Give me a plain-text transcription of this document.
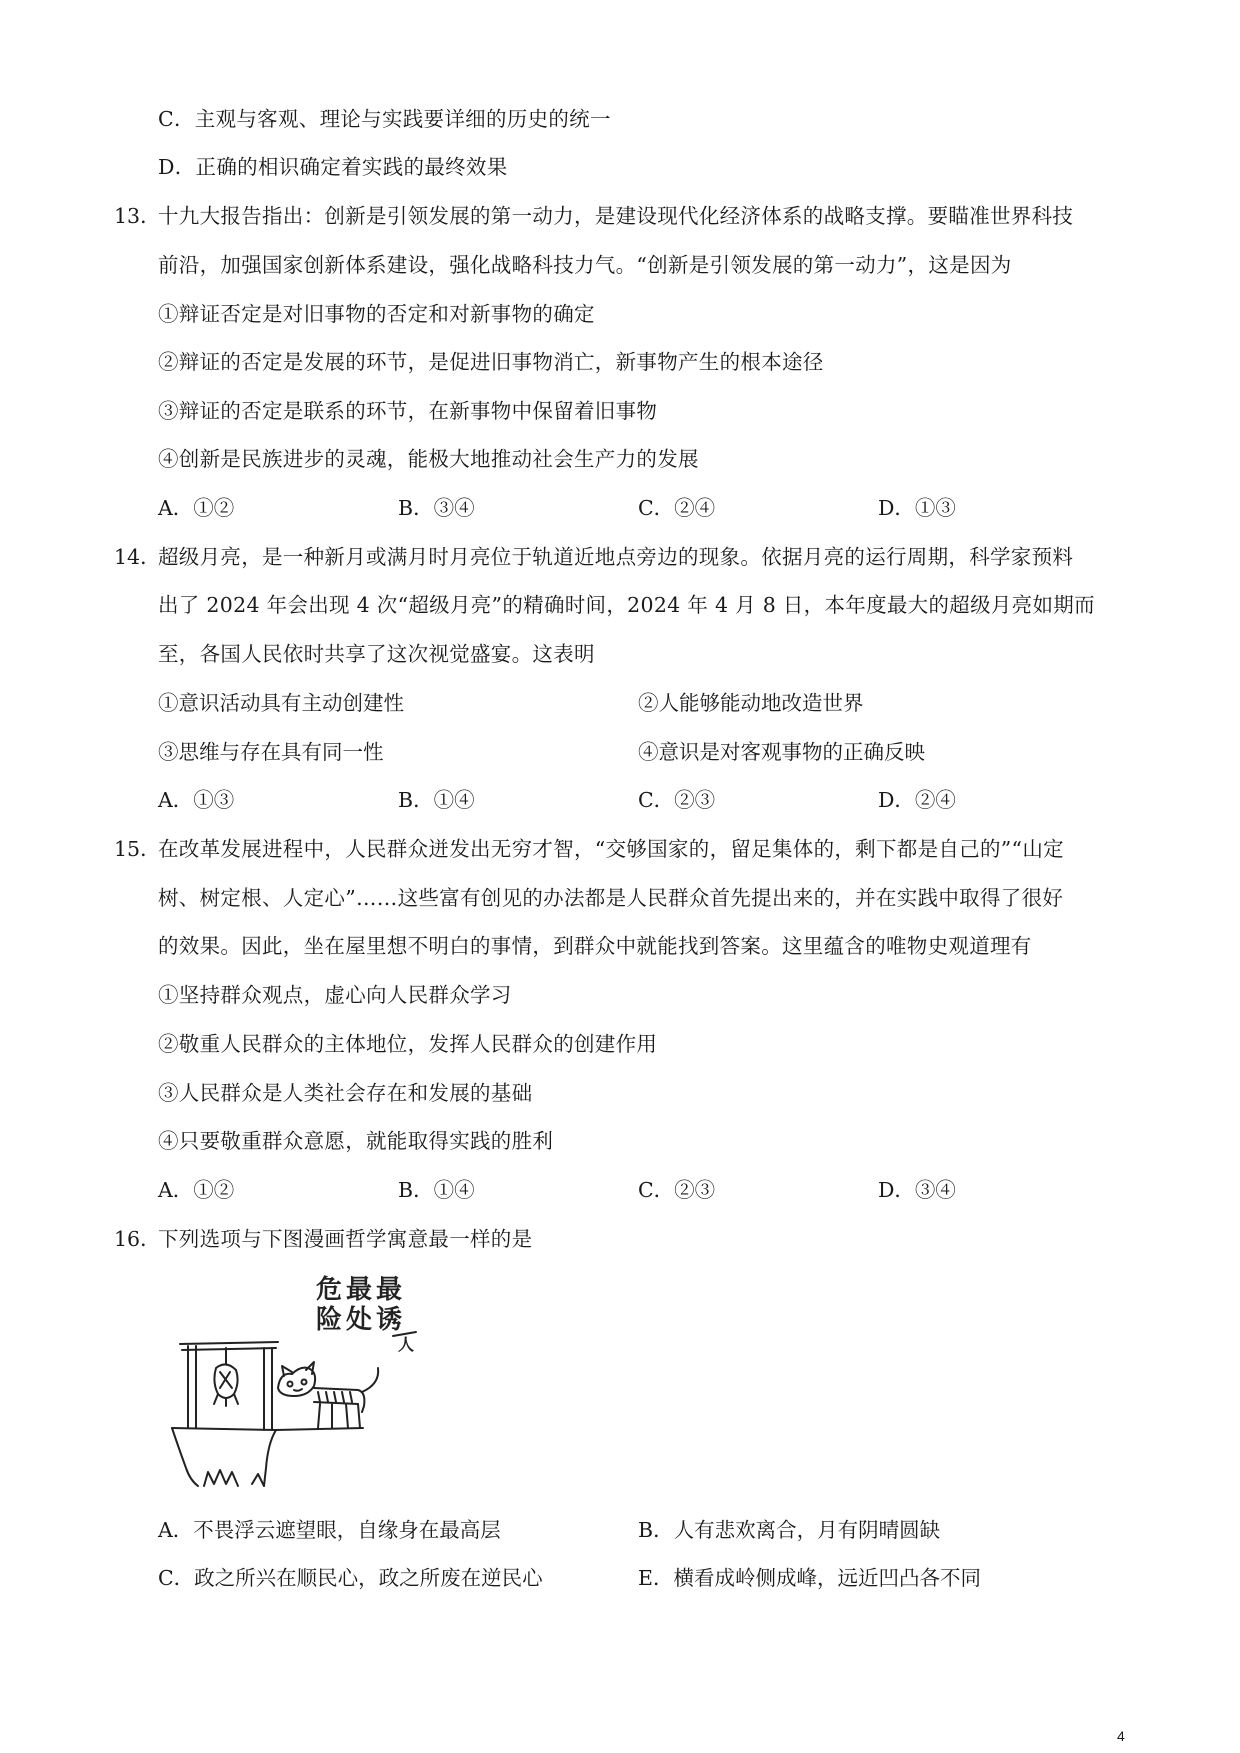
C．主观与客观、理论与实践要详细的历史的统一
D．正确的相识确定着实践的最终效果
13．
十九大报告指出：创新是引领发展的第一动力，是建设现代化经济体系的战略支撑。要瞄准世界科技
前沿，加强国家创新体系建设，强化战略科技力气。“创新是引领发展的第一动力”，这是因为
①辩证否定是对旧事物的否定和对新事物的确定
②辩证的否定是发展的环节，是促进旧事物消亡，新事物产生的根本途径
③辩证的否定是联系的环节，在新事物中保留着旧事物
④创新是民族进步的灵魂，能极大地推动社会生产力的发展
A．①②	B．③④	C．②④	D．①③
14．
超级月亮，是一种新月或满月时月亮位于轨道近地点旁边的现象。依据月亮的运行周期，科学家预料
出了 2024 年会出现 4 次“超级月亮”的精确时间，2024 年 4 月 8 日，本年度最大的超级月亮如期而
至，各国人民依时共享了这次视觉盛宴。这表明
①意识活动具有主动创建性	②人能够能动地改造世界
③思维与存在具有同一性	④意识是对客观事物的正确反映
A．①③	B．①④	C．②③	D．②④
15．
在改革发展进程中，人民群众迸发出无穷才智，“交够国家的，留足集体的，剩下都是自己的”“山定
树、树定根、人定心”……这些富有创见的办法都是人民群众首先提出来的，并在实践中取得了很好
的效果。因此，坐在屋里想不明白的事情，到群众中就能找到答案。这里蕴含的唯物史观道理有
①坚持群众观点，虚心向人民群众学习
②敬重人民群众的主体地位，发挥人民群众的创建作用
③人民群众是人类社会存在和发展的基础
④只要敬重群众意愿，就能取得实践的胜利
A．①②	B．①④	C．②③	D．③④
16．
下列选项与下图漫画哲学寓意最一样的是
最
诱
人
最
处
危
险
A．不畏浮云遮望眼，自缘身在最高层	B．人有悲欢离合，月有阴晴圆缺
C．政之所兴在顺民心，政之所废在逆民心	E．横看成岭侧成峰，远近凹凸各不同
4
